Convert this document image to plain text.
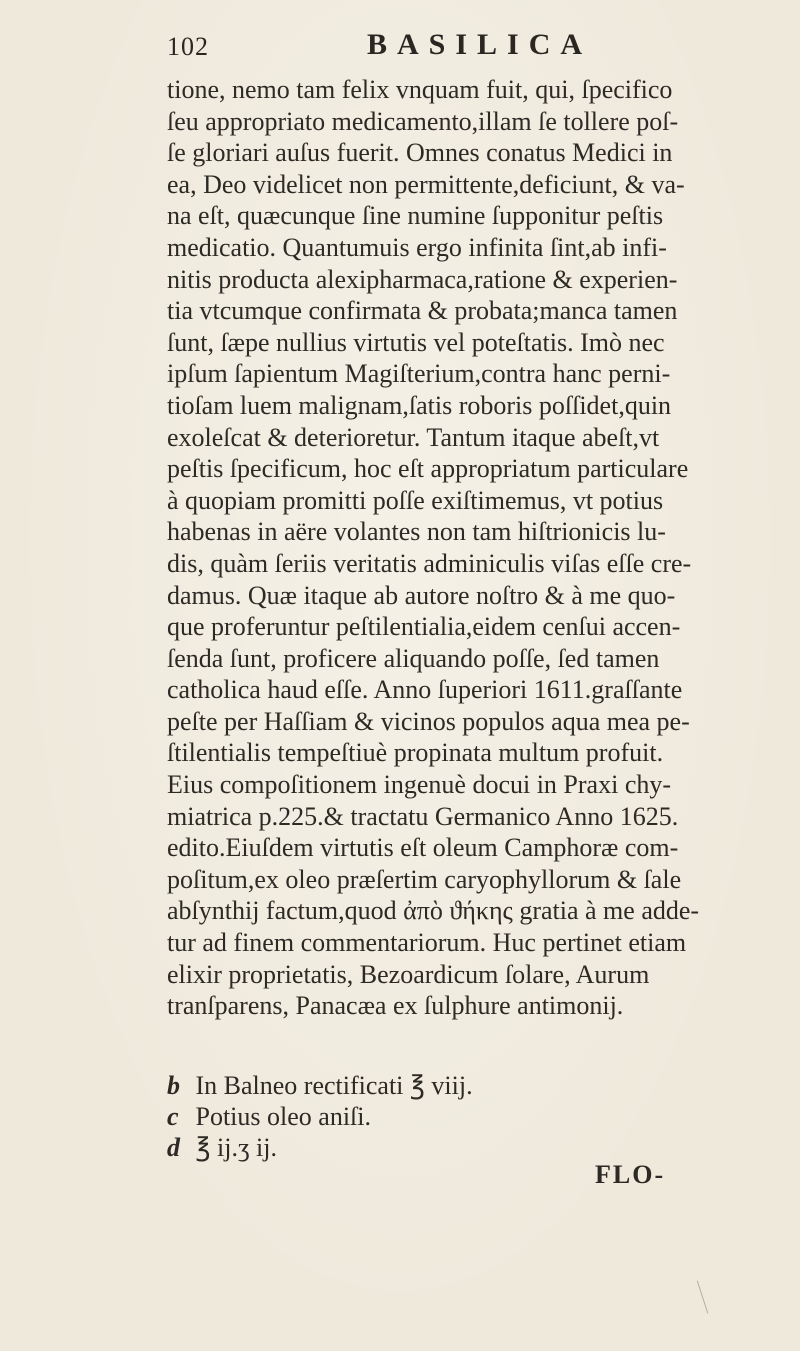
102	BASILICA
tione, nemo tam felix vnquam fuit, qui, ſpecifico
ſeu appropriato medicamento,illam ſe tollere poſ-
ſe gloriari auſus fuerit. Omnes conatus Medici in
ea, Deo videlicet non permittente,deficiunt, & va-
na eſt, quæcunque ſine numine ſupponitur peſtis
medicatio. Quantumuis ergo infinita ſint,ab infi-
nitis producta alexipharmaca,ratione & experien-
tia vtcumque confirmata & probata;manca tamen
ſunt, ſæpe nullius virtutis vel poteſtatis. Imò nec
ipſum ſapientum Magiſterium,contra hanc perni-
tioſam luem malignam,ſatis roboris poſſidet,quin
exoleſcat & deterioretur. Tantum itaque abeſt,vt
peſtis ſpecificum, hoc eſt appropriatum particulare
à quopiam promitti poſſe exiſtimemus, vt potius
habenas in aëre volantes non tam hiſtrionicis lu-
dis, quàm ſeriis veritatis adminiculis viſas eſſe cre-
damus. Quæ itaque ab autore noſtro & à me quo-
que proferuntur peſtilentialia,eidem cenſui accen-
ſenda ſunt, proficere aliquando poſſe, ſed tamen
catholica haud eſſe. Anno ſuperiori 1611.graſſante
peſte per Haſſiam & vicinos populos aqua mea pe-
ſtilentialis tempeſtiuè propinata multum profuit.
Eius compoſitionem ingenuè docui in Praxi chy-
miatrica p.225.& tractatu Germanico Anno 1625.
edito.Eiuſdem virtutis eſt oleum Camphoræ com-
poſitum,ex oleo præſertim caryophyllorum & ſale
abſynthij factum,quod ἀπὸ ϑήκης gratia à me adde-
tur ad finem commentariorum. Huc pertinet etiam
elixir proprietatis, Bezoardicum ſolare, Aurum
tranſparens, Panacæa ex ſulphure antimonij.
b In Balneo rectificati ℥ viij.
c Potius oleo aniſi.
d ℥ ij.ʒ ij.
FLO-
